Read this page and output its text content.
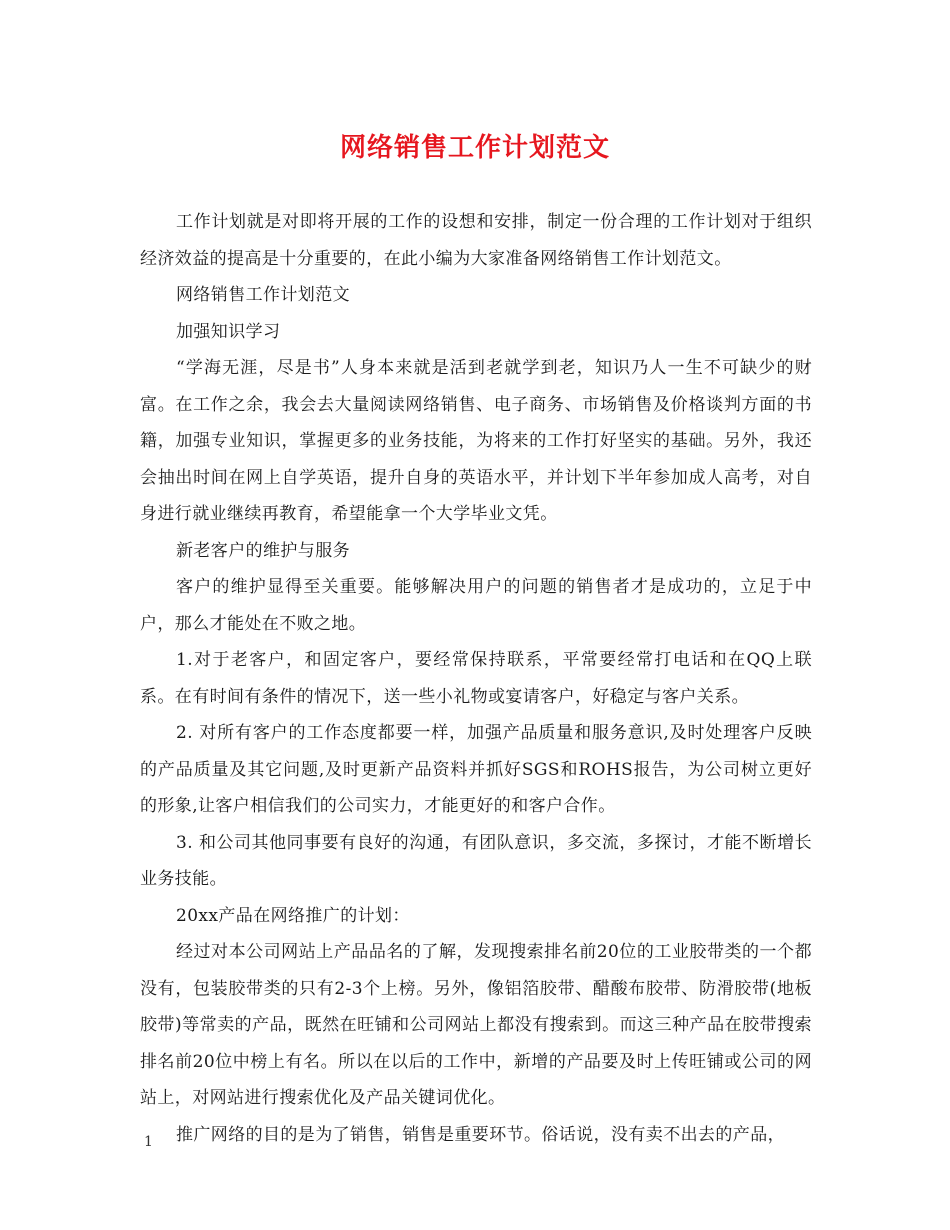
网络销售工作计划范文

工作计划就是对即将开展的工作的设想和安排，制定一份合理的工作计划对于组织经济效益的提高是十分重要的，在此小编为大家准备网络销售工作计划范文。

网络销售工作计划范文

加强知识学习

“学海无涯，尽是书”人身本来就是活到老就学到老，知识乃人一生不可缺少的财富。在工作之余，我会去大量阅读网络销售、电子商务、市场销售及价格谈判方面的书籍，加强专业知识，掌握更多的业务技能，为将来的工作打好坚实的基础。另外，我还会抽出时间在网上自学英语，提升自身的英语水平，并计划下半年参加成人高考，对自身进行就业继续再教育，希望能拿一个大学毕业文凭。

新老客户的维护与服务

客户的维护显得至关重要。能够解决用户的问题的销售者才是成功的，立足于中户，那么才能处在不败之地。

1.对于老客户，和固定客户，要经常保持联系，平常要经常打电话和在QQ上联系。在有时间有条件的情况下，送一些小礼物或宴请客户，好稳定与客户关系。

2. 对所有客户的工作态度都要一样，加强产品质量和服务意识,及时处理客户反映的产品质量及其它问题,及时更新产品资料并抓好SGS和ROHS报告，为公司树立更好的形象,让客户相信我们的公司实力，才能更好的和客户合作。

3. 和公司其他同事要有良好的沟通，有团队意识，多交流，多探讨，才能不断增长业务技能。

20xx产品在网络推广的计划：

经过对本公司网站上产品品名的了解，发现搜索排名前20位的工业胶带类的一个都没有，包装胶带类的只有2-3个上榜。另外，像铝箔胶带、醋酸布胶带、防滑胶带(地板胶带)等常卖的产品，既然在旺铺和公司网站上都没有搜索到。而这三种产品在胶带搜索排名前20位中榜上有名。所以在以后的工作中，新增的产品要及时上传旺铺或公司的网站上，对网站进行搜索优化及产品关键词优化。

推广网络的目的是为了销售，销售是重要环节。俗话说，没有卖不出去的产品，

1
